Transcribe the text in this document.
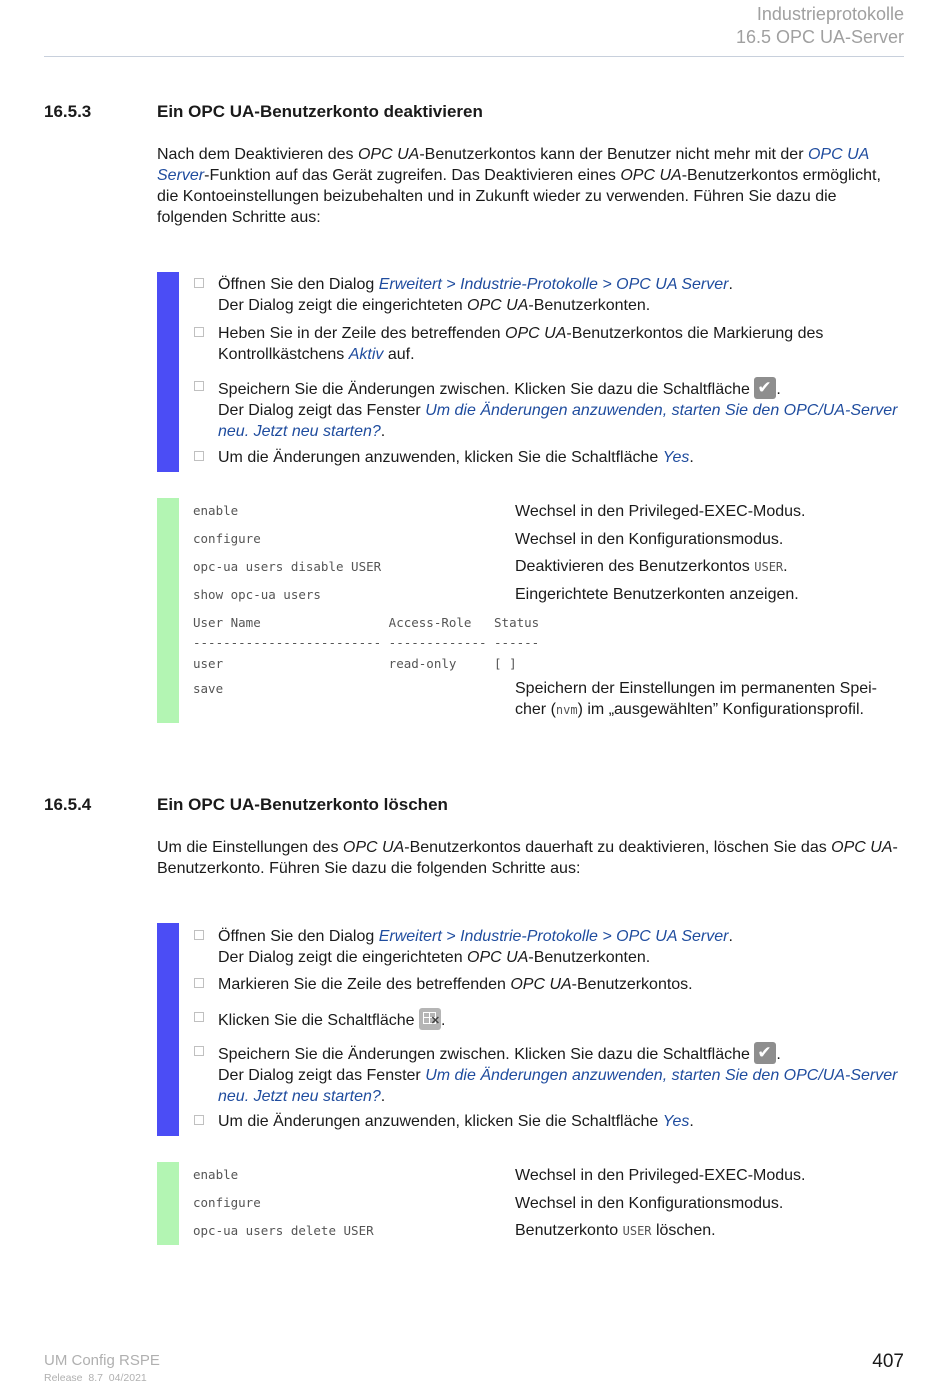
Industrieprotokolle
16.5 OPC UA-Server
16.5.3	Ein OPC UA-Benutzerkonto deaktivieren
Nach dem Deaktivieren des OPC UA-Benutzerkontos kann der Benutzer nicht mehr mit der OPC UA Server-Funktion auf das Gerät zugreifen. Das Deaktivieren eines OPC UA-Benutzerkontos ermöglicht, die Kontoeinstellungen beizubehalten und in Zukunft wieder zu verwenden. Führen Sie dazu die folgenden Schritte aus:
Öffnen Sie den Dialog Erweitert > Industrie-Protokolle > OPC UA Server.
Der Dialog zeigt die eingerichteten OPC UA-Benutzerkonten.
Heben Sie in der Zeile des betreffenden OPC UA-Benutzerkontos die Markierung des Kontrollkästchens Aktiv auf.
Speichern Sie die Änderungen zwischen. Klicken Sie dazu die Schaltfläche ✔.
Der Dialog zeigt das Fenster Um die Änderungen anzuwenden, starten Sie den OPC/UA-Server neu. Jetzt neu starten?.
Um die Änderungen anzuwenden, klicken Sie die Schaltfläche Yes.
enable	Wechsel in den Privileged-EXEC-Modus.
configure	Wechsel in den Konfigurationsmodus.
opc-ua users disable USER	Deaktivieren des Benutzerkontos USER.
show opc-ua users	Eingerichtete Benutzerkonten anzeigen.
User Name                 Access-Role   Status
------------------------- ------------- ------
user                      read-only     [ ]
save	Speichern der Einstellungen im permanenten Spei-
cher (nvm) im „ausgewählten” Konfigurationsprofil.
16.5.4	Ein OPC UA-Benutzerkonto löschen
Um die Einstellungen des OPC UA-Benutzerkontos dauerhaft zu deaktivieren, löschen Sie das OPC UA-Benutzerkonto. Führen Sie dazu die folgenden Schritte aus:
Öffnen Sie den Dialog Erweitert > Industrie-Protokolle > OPC UA Server.
Der Dialog zeigt die eingerichteten OPC UA-Benutzerkonten.
Markieren Sie die Zeile des betreffenden OPC UA-Benutzerkontos.
Klicken Sie die Schaltfläche ✕ .
Speichern Sie die Änderungen zwischen. Klicken Sie dazu die Schaltfläche ✔.
Der Dialog zeigt das Fenster Um die Änderungen anzuwenden, starten Sie den OPC/UA-Server neu. Jetzt neu starten?.
Um die Änderungen anzuwenden, klicken Sie die Schaltfläche Yes.
enable	Wechsel in den Privileged-EXEC-Modus.
configure	Wechsel in den Konfigurationsmodus.
opc-ua users delete USER	Benutzerkonto USER löschen.
UM Config RSPE
Release  8.7  04/2021
407
